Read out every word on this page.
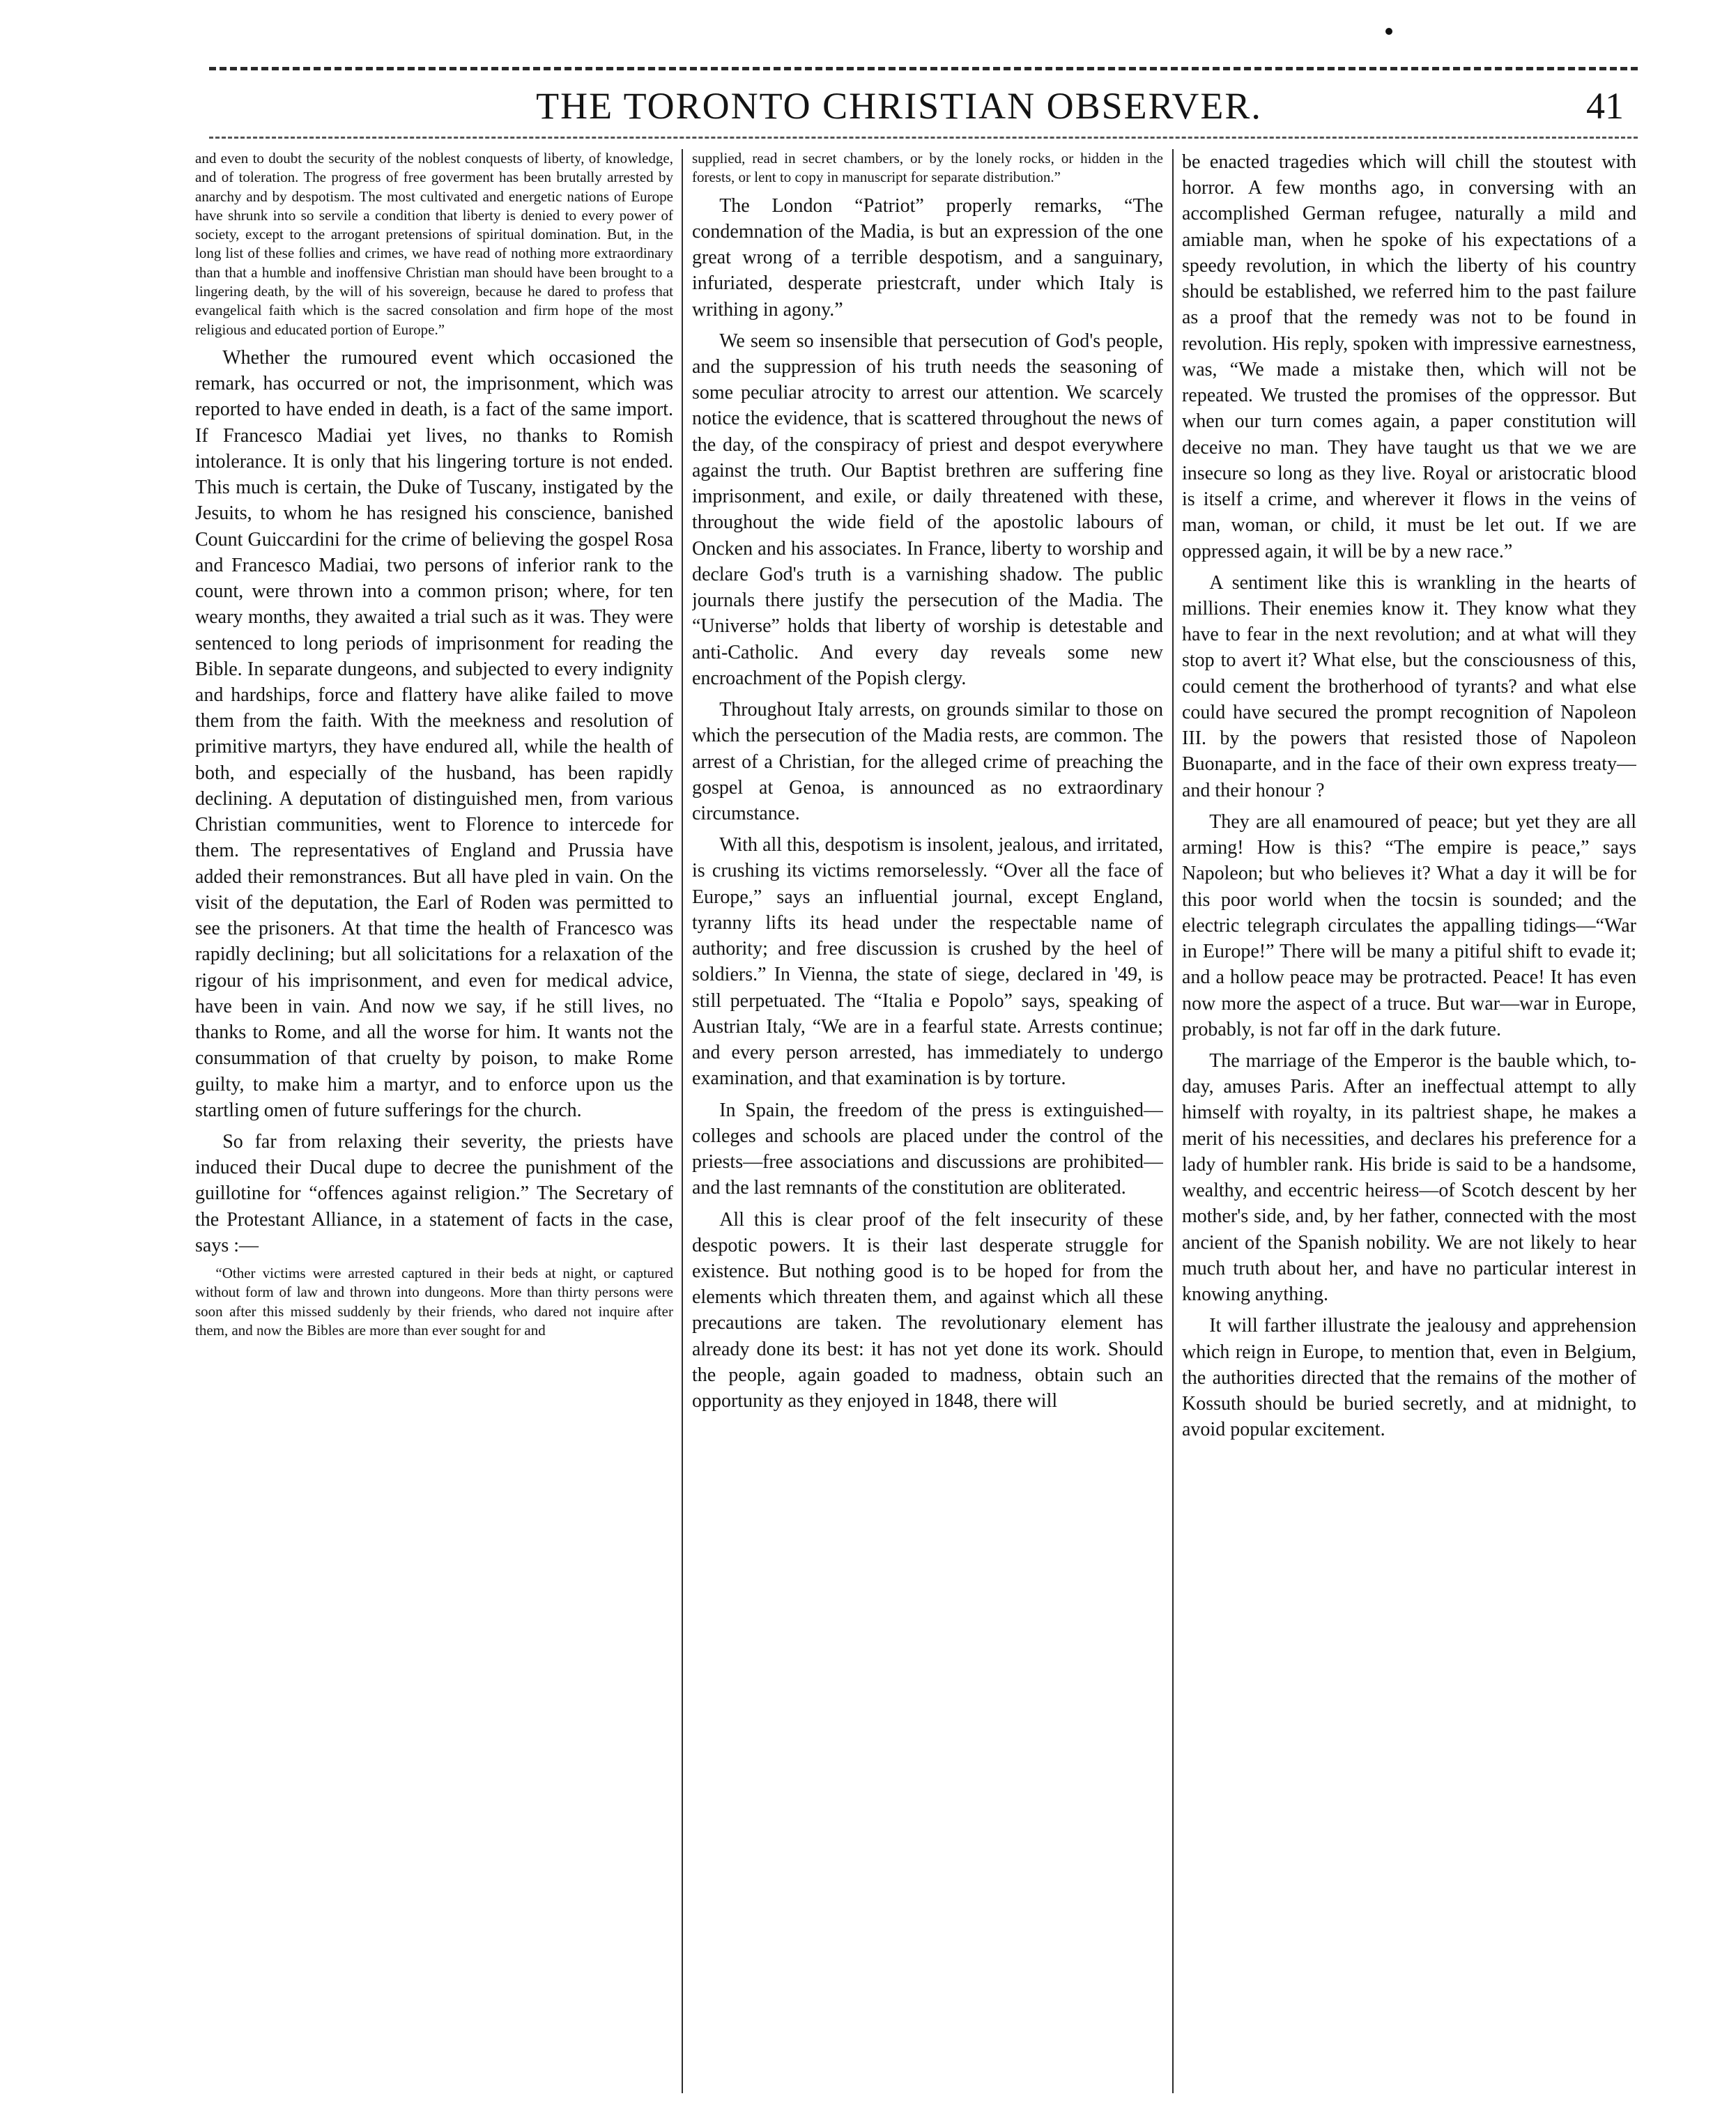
THE TORONTO CHRISTIAN OBSERVER.	41

and even to doubt the security of the noblest conquests of liberty, of knowledge, and of toleration. The progress of free goverment has been brutally arrested by anarchy and by despotism. The most cultivated and energetic nations of Europe have shrunk into so servile a condition that liberty is denied to every power of society, except to the arrogant pretensions of spiritual domination. But, in the long list of these follies and crimes, we have read of nothing more extraordinary than that a humble and inoffensive Christian man should have been brought to a lingering death, by the will of his sovereign, because he dared to profess that evangelical faith which is the sacred consolation and firm hope of the most religious and educated portion of Europe.”

Whether the rumoured event which occasioned the remark, has occurred or not, the imprisonment, which was reported to have ended in death, is a fact of the same import. If Francesco Madiai yet lives, no thanks to Romish intolerance. It is only that his lingering torture is not ended. This much is certain, the Duke of Tuscany, instigated by the Jesuits, to whom he has resigned his conscience, banished Count Guiccardini for the crime of believing the gospel Rosa and Francesco Madiai, two persons of inferior rank to the count, were thrown into a common prison; where, for ten weary months, they awaited a trial such as it was. They were sentenced to long periods of imprisonment for reading the Bible. In separate dungeons, and subjected to every indignity and hardships, force and flattery have alike failed to move them from the faith. With the meekness and resolution of primitive martyrs, they have endured all, while the health of both, and especially of the husband, has been rapidly declining. A deputation of distinguished men, from various Christian communities, went to Florence to intercede for them. The representatives of England and Prussia have added their remonstrances. But all have pled in vain. On the visit of the deputation, the Earl of Roden was permitted to see the prisoners. At that time the health of Francesco was rapidly declining; but all solicitations for a relaxation of the rigour of his imprisonment, and even for medical advice, have been in vain. And now we say, if he still lives, no thanks to Rome, and all the worse for him. It wants not the consummation of that cruelty by poison, to make Rome guilty, to make him a martyr, and to enforce upon us the startling omen of future sufferings for the church.

So far from relaxing their severity, the priests have induced their Ducal dupe to decree the punishment of the guillotine for “offences against religion.” The Secretary of the Protestant Alliance, in a statement of facts in the case, says :—

“Other victims were arrested captured in their beds at night, or captured without form of law and thrown into dungeons. More than thirty persons were soon after this missed suddenly by their friends, who dared not inquire after them, and now the Bibles are more than ever sought for and

supplied, read in secret chambers, or by the lonely rocks, or hidden in the forests, or lent to copy in manuscript for separate distribution.”

The London “Patriot” properly remarks, “The condemnation of the Madia, is but an expression of the one great wrong of a terrible despotism, and a sanguinary, infuriated, desperate priestcraft, under which Italy is writhing in agony.”

We seem so insensible that persecution of God's people, and the suppression of his truth needs the seasoning of some peculiar atrocity to arrest our attention. We scarcely notice the evidence, that is scattered throughout the news of the day, of the conspiracy of priest and despot everywhere against the truth. Our Baptist brethren are suffering fine imprisonment, and exile, or daily threatened with these, throughout the wide field of the apostolic labours of Oncken and his associates. In France, liberty to worship and declare God's truth is a varnishing shadow. The public journals there justify the persecution of the Madia. The “Universe” holds that liberty of worship is detestable and anti-Catholic. And every day reveals some new encroachment of the Popish clergy.

Throughout Italy arrests, on grounds similar to those on which the persecution of the Madia rests, are common. The arrest of a Christian, for the alleged crime of preaching the gospel at Genoa, is announced as no extraordinary circumstance.

With all this, despotism is insolent, jealous, and irritated, is crushing its victims remorselessly. “Over all the face of Europe,” says an influential journal, except England, tyranny lifts its head under the respectable name of authority; and free discussion is crushed by the heel of soldiers.” In Vienna, the state of siege, declared in '49, is still perpetuated. The “Italia e Popolo” says, speaking of Austrian Italy, “We are in a fearful state. Arrests continue; and every person arrested, has immediately to undergo examination, and that examination is by torture.

In Spain, the freedom of the press is extinguished—colleges and schools are placed under the control of the priests—free associations and discussions are prohibited—and the last remnants of the constitution are obliterated.

All this is clear proof of the felt insecurity of these despotic powers. It is their last desperate struggle for existence. But nothing good is to be hoped for from the elements which threaten them, and against which all these precautions are taken. The revolutionary element has already done its best: it has not yet done its work. Should the people, again goaded to madness, obtain such an opportunity as they enjoyed in 1848, there will

be enacted tragedies which will chill the stoutest with horror. A few months ago, in conversing with an accomplished German refugee, naturally a mild and amiable man, when he spoke of his expectations of a speedy revolution, in which the liberty of his country should be established, we referred him to the past failure as a proof that the remedy was not to be found in revolution. His reply, spoken with impressive earnestness, was, “We made a mistake then, which will not be repeated. We trusted the promises of the oppressor. But when our turn comes again, a paper constitution will deceive no man. They have taught us that we we are insecure so long as they live. Royal or aristocratic blood is itself a crime, and wherever it flows in the veins of man, woman, or child, it must be let out. If we are oppressed again, it will be by a new race.”

A sentiment like this is wrankling in the hearts of millions. Their enemies know it. They know what they have to fear in the next revolution; and at what will they stop to avert it? What else, but the consciousness of this, could cement the brotherhood of tyrants? and what else could have secured the prompt recognition of Napoleon III. by the powers that resisted those of Napoleon Buonaparte, and in the face of their own express treaty—and their honour ?

They are all enamoured of peace; but yet they are all arming! How is this? “The empire is peace,” says Napoleon; but who believes it? What a day it will be for this poor world when the tocsin is sounded; and the electric telegraph circulates the appalling tidings—“War in Europe!” There will be many a pitiful shift to evade it; and a hollow peace may be protracted. Peace! It has even now more the aspect of a truce. But war—war in Europe, probably, is not far off in the dark future.

The marriage of the Emperor is the bauble which, to-day, amuses Paris. After an ineffectual attempt to ally himself with royalty, in its paltriest shape, he makes a merit of his necessities, and declares his preference for a lady of humbler rank. His bride is said to be a handsome, wealthy, and eccentric heiress—of Scotch descent by her mother's side, and, by her father, connected with the most ancient of the Spanish nobility. We are not likely to hear much truth about her, and have no particular interest in knowing anything.

It will farther illustrate the jealousy and apprehension which reign in Europe, to mention that, even in Belgium, the authorities directed that the remains of the mother of Kossuth should be buried secretly, and at midnight, to avoid popular excitement.
